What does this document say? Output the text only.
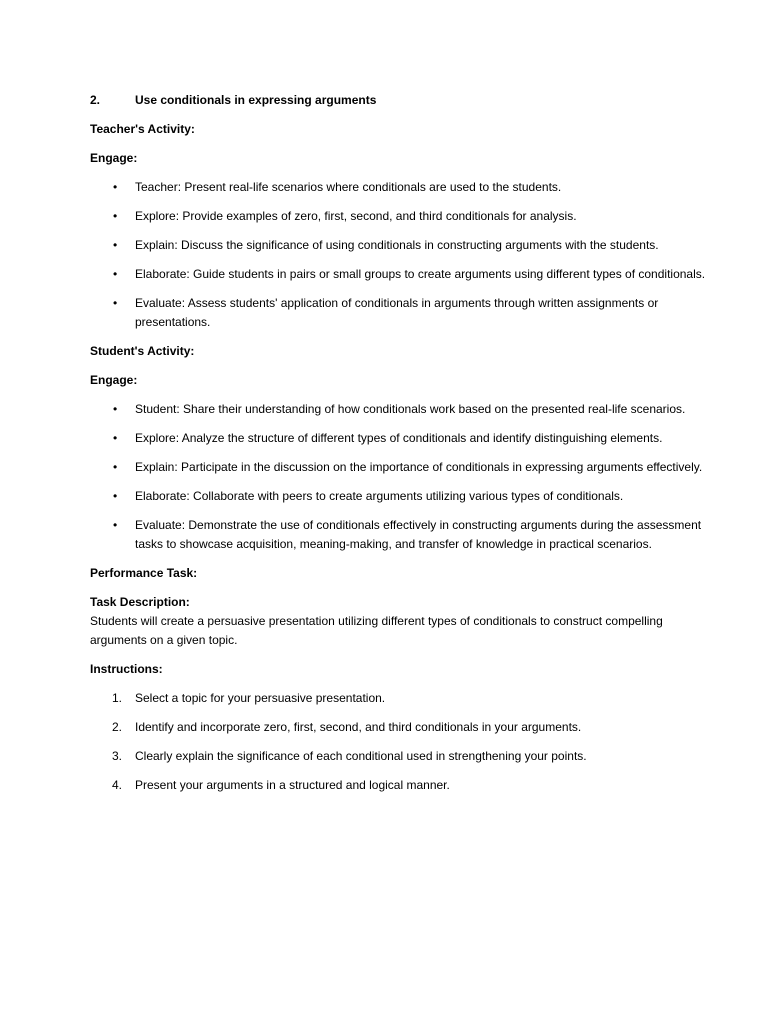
2.	Use conditionals in expressing arguments
Teacher's Activity:
Engage:
• Teacher: Present real-life scenarios where conditionals are used to the students.
• Explore: Provide examples of zero, first, second, and third conditionals for analysis.
• Explain: Discuss the significance of using conditionals in constructing arguments with the students.
• Elaborate: Guide students in pairs or small groups to create arguments using different types of conditionals.
• Evaluate: Assess students' application of conditionals in arguments through written assignments or presentations.
Student's Activity:
Engage:
• Student: Share their understanding of how conditionals work based on the presented real-life scenarios.
• Explore: Analyze the structure of different types of conditionals and identify distinguishing elements.
• Explain: Participate in the discussion on the importance of conditionals in expressing arguments effectively.
• Elaborate: Collaborate with peers to create arguments utilizing various types of conditionals.
• Evaluate: Demonstrate the use of conditionals effectively in constructing arguments during the assessment tasks to showcase acquisition, meaning-making, and transfer of knowledge in practical scenarios.
Performance Task:
Task Description:
Students will create a persuasive presentation utilizing different types of conditionals to construct compelling arguments on a given topic.
Instructions:
1. Select a topic for your persuasive presentation.
2. Identify and incorporate zero, first, second, and third conditionals in your arguments.
3. Clearly explain the significance of each conditional used in strengthening your points.
4. Present your arguments in a structured and logical manner.
